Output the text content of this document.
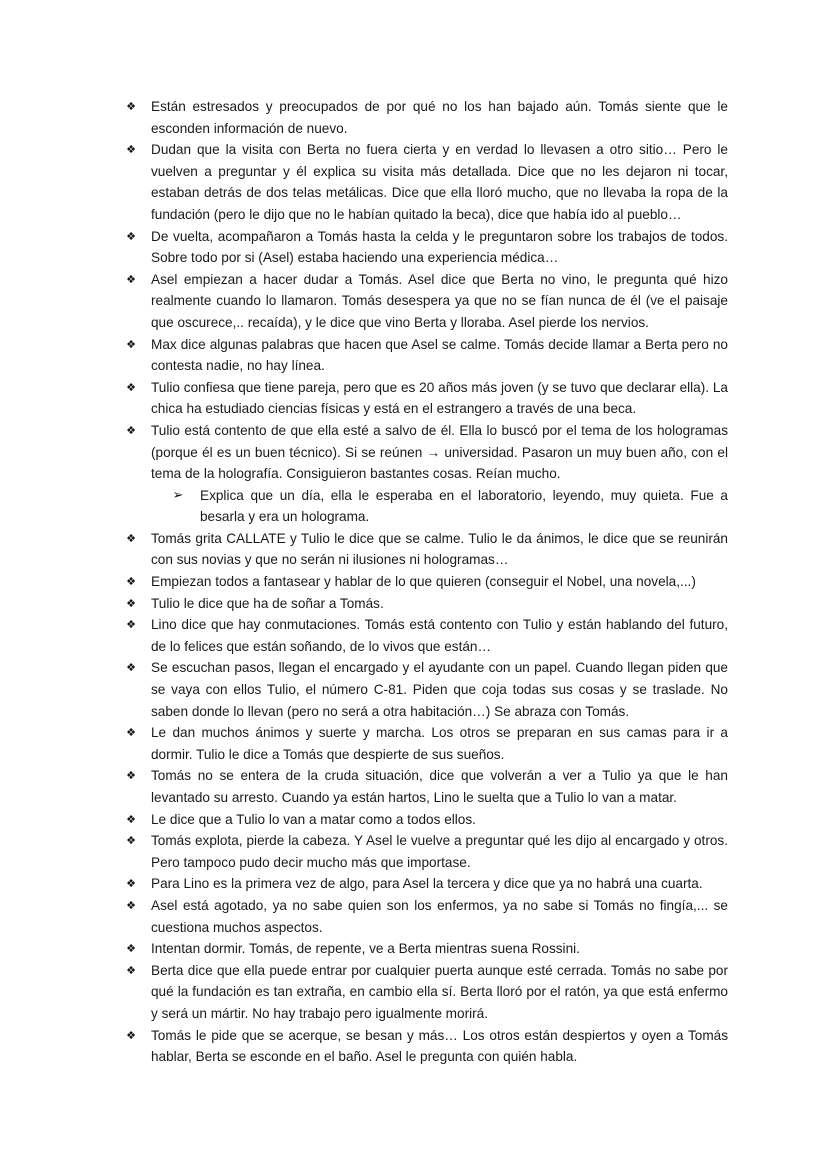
❖ Están estresados y preocupados de por qué no los han bajado aún. Tomás siente que le esconden información de nuevo.
❖ Dudan que la visita con Berta no fuera cierta y en verdad lo llevasen a otro sitio… Pero le vuelven a preguntar y él explica su visita más detallada. Dice que no les dejaron ni tocar, estaban detrás de dos telas metálicas. Dice que ella lloró mucho, que no llevaba la ropa de la fundación (pero le dijo que no le habían quitado la beca), dice que había ido al pueblo…
❖ De vuelta, acompañaron a Tomás hasta la celda y le preguntaron sobre los trabajos de todos. Sobre todo por si (Asel) estaba haciendo una experiencia médica…
❖ Asel empiezan a hacer dudar a Tomás. Asel dice que Berta no vino, le pregunta qué hizo realmente cuando lo llamaron. Tomás desespera ya que no se fían nunca de él (ve el paisaje que oscurece,.. recaída), y le dice que vino Berta y lloraba. Asel pierde los nervios.
❖ Max dice algunas palabras que hacen que Asel se calme. Tomás decide llamar a Berta pero no contesta nadie, no hay línea.
❖ Tulio confiesa que tiene pareja, pero que es 20 años más joven (y se tuvo que declarar ella). La chica ha estudiado ciencias físicas y está en el estrangero a través de una beca.
❖ Tulio está contento de que ella esté a salvo de él. Ella lo buscó por el tema de los hologramas (porque él es un buen técnico). Si se reúnen → universidad. Pasaron un muy buen año, con el tema de la holografía. Consiguieron bastantes cosas. Reían mucho.
➢ Explica que un día, ella le esperaba en el laboratorio, leyendo, muy quieta. Fue a besarla y era un holograma.
❖ Tomás grita CALLATE y Tulio le dice que se calme. Tulio le da ánimos, le dice que se reunirán con sus novias y que no serán ni ilusiones ni hologramas…
❖ Empiezan todos a fantasear y hablar de lo que quieren (conseguir el Nobel, una novela,...)
❖ Tulio le dice que ha de soñar a Tomás.
❖ Lino dice que hay conmutaciones. Tomás está contento con Tulio y están hablando del futuro, de lo felices que están soñando, de lo vivos que están…
❖ Se escuchan pasos, llegan el encargado y el ayudante con un papel. Cuando llegan piden que se vaya con ellos Tulio, el número C-81. Piden que coja todas sus cosas y se traslade. No saben donde lo llevan (pero no será a otra habitación…) Se abraza con Tomás.
❖ Le dan muchos ánimos y suerte y marcha. Los otros se preparan en sus camas para ir a dormir. Tulio le dice a Tomás que despierte de sus sueños.
❖ Tomás no se entera de la cruda situación, dice que volverán a ver a Tulio ya que le han levantado su arresto. Cuando ya están hartos, Lino le suelta que a Tulio lo van a matar.
❖ Le dice que a Tulio lo van a matar como a todos ellos.
❖ Tomás explota, pierde la cabeza. Y Asel le vuelve a preguntar qué les dijo al encargado y otros. Pero tampoco pudo decir mucho más que importase.
❖ Para Lino es la primera vez de algo, para Asel la tercera y dice que ya no habrá una cuarta.
❖ Asel está agotado, ya no sabe quien son los enfermos, ya no sabe si Tomás no fingía,... se cuestiona muchos aspectos.
❖ Intentan dormir. Tomás, de repente, ve a Berta mientras suena Rossini.
❖ Berta dice que ella puede entrar por cualquier puerta aunque esté cerrada. Tomás no sabe por qué la fundación es tan extraña, en cambio ella sí. Berta lloró por el ratón, ya que está enfermo y será un mártir. No hay trabajo pero igualmente morirá.
❖ Tomás le pide que se acerque, se besan y más… Los otros están despiertos y oyen a Tomás hablar, Berta se esconde en el baño. Asel le pregunta con quién habla.
